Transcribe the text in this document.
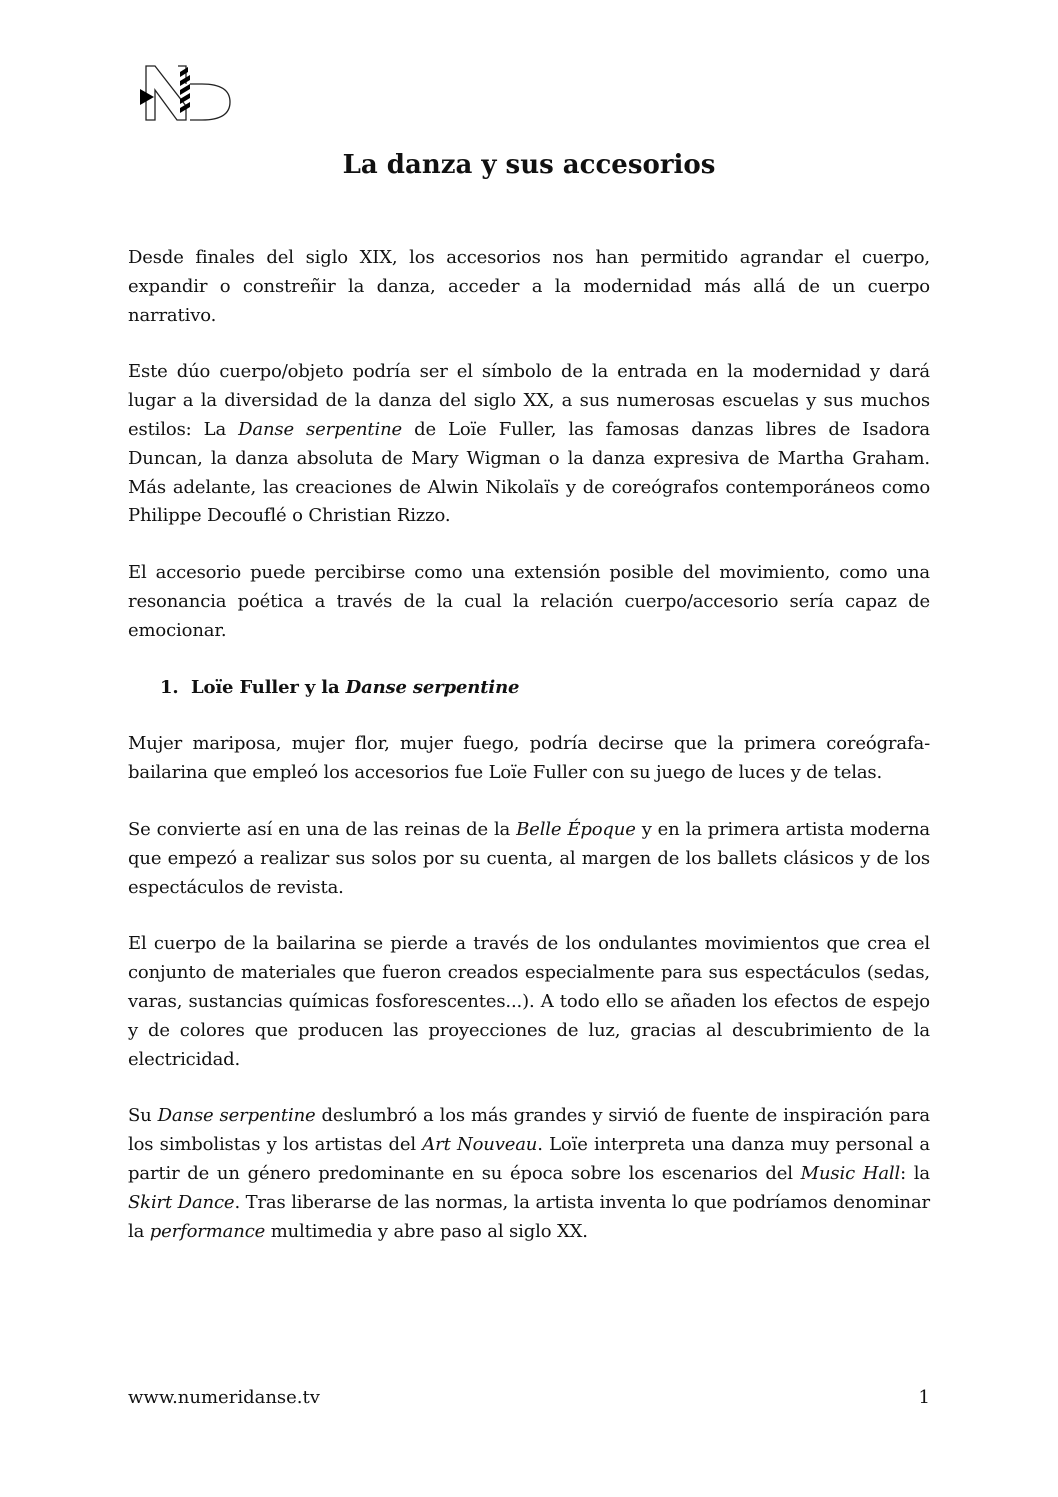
La danza y sus accesorios

Desde finales del siglo XIX, los accesorios nos han permitido agrandar el cuerpo, expandir o constreñir la danza, acceder a la modernidad más allá de un cuerpo narrativo.

Este dúo cuerpo/objeto podría ser el símbolo de la entrada en la modernidad y dará lugar a la diversidad de la danza del siglo XX, a sus numerosas escuelas y sus muchos estilos: La Danse serpentine de Loïe Fuller, las famosas danzas libres de Isadora Duncan, la danza absoluta de Mary Wigman o la danza expresiva de Martha Graham. Más adelante, las creaciones de Alwin Nikolaïs y de coreógrafos contemporáneos como Philippe Decouflé o Christian Rizzo.

El accesorio puede percibirse como una extensión posible del movimiento, como una resonancia poética a través de la cual la relación cuerpo/accesorio sería capaz de emocionar.

1. Loïe Fuller y la Danse serpentine

Mujer mariposa, mujer flor, mujer fuego, podría decirse que la primera coreógrafa-bailarina que empleó los accesorios fue Loïe Fuller con su juego de luces y de telas.

Se convierte así en una de las reinas de la Belle Époque y en la primera artista moderna que empezó a realizar sus solos por su cuenta, al margen de los ballets clásicos y de los espectáculos de revista.

El cuerpo de la bailarina se pierde a través de los ondulantes movimientos que crea el conjunto de materiales que fueron creados especialmente para sus espectáculos (sedas, varas, sustancias químicas fosforescentes...). A todo ello se añaden los efectos de espejo y de colores que producen las proyecciones de luz, gracias al descubrimiento de la electricidad.

Su Danse serpentine deslumbró a los más grandes y sirvió de fuente de inspiración para los simbolistas y los artistas del Art Nouveau. Loïe interpreta una danza muy personal a partir de un género predominante en su época sobre los escenarios del Music Hall: la Skirt Dance. Tras liberarse de las normas, la artista inventa lo que podríamos denominar la performance multimedia y abre paso al siglo XX.

www.numeridanse.tv	1
